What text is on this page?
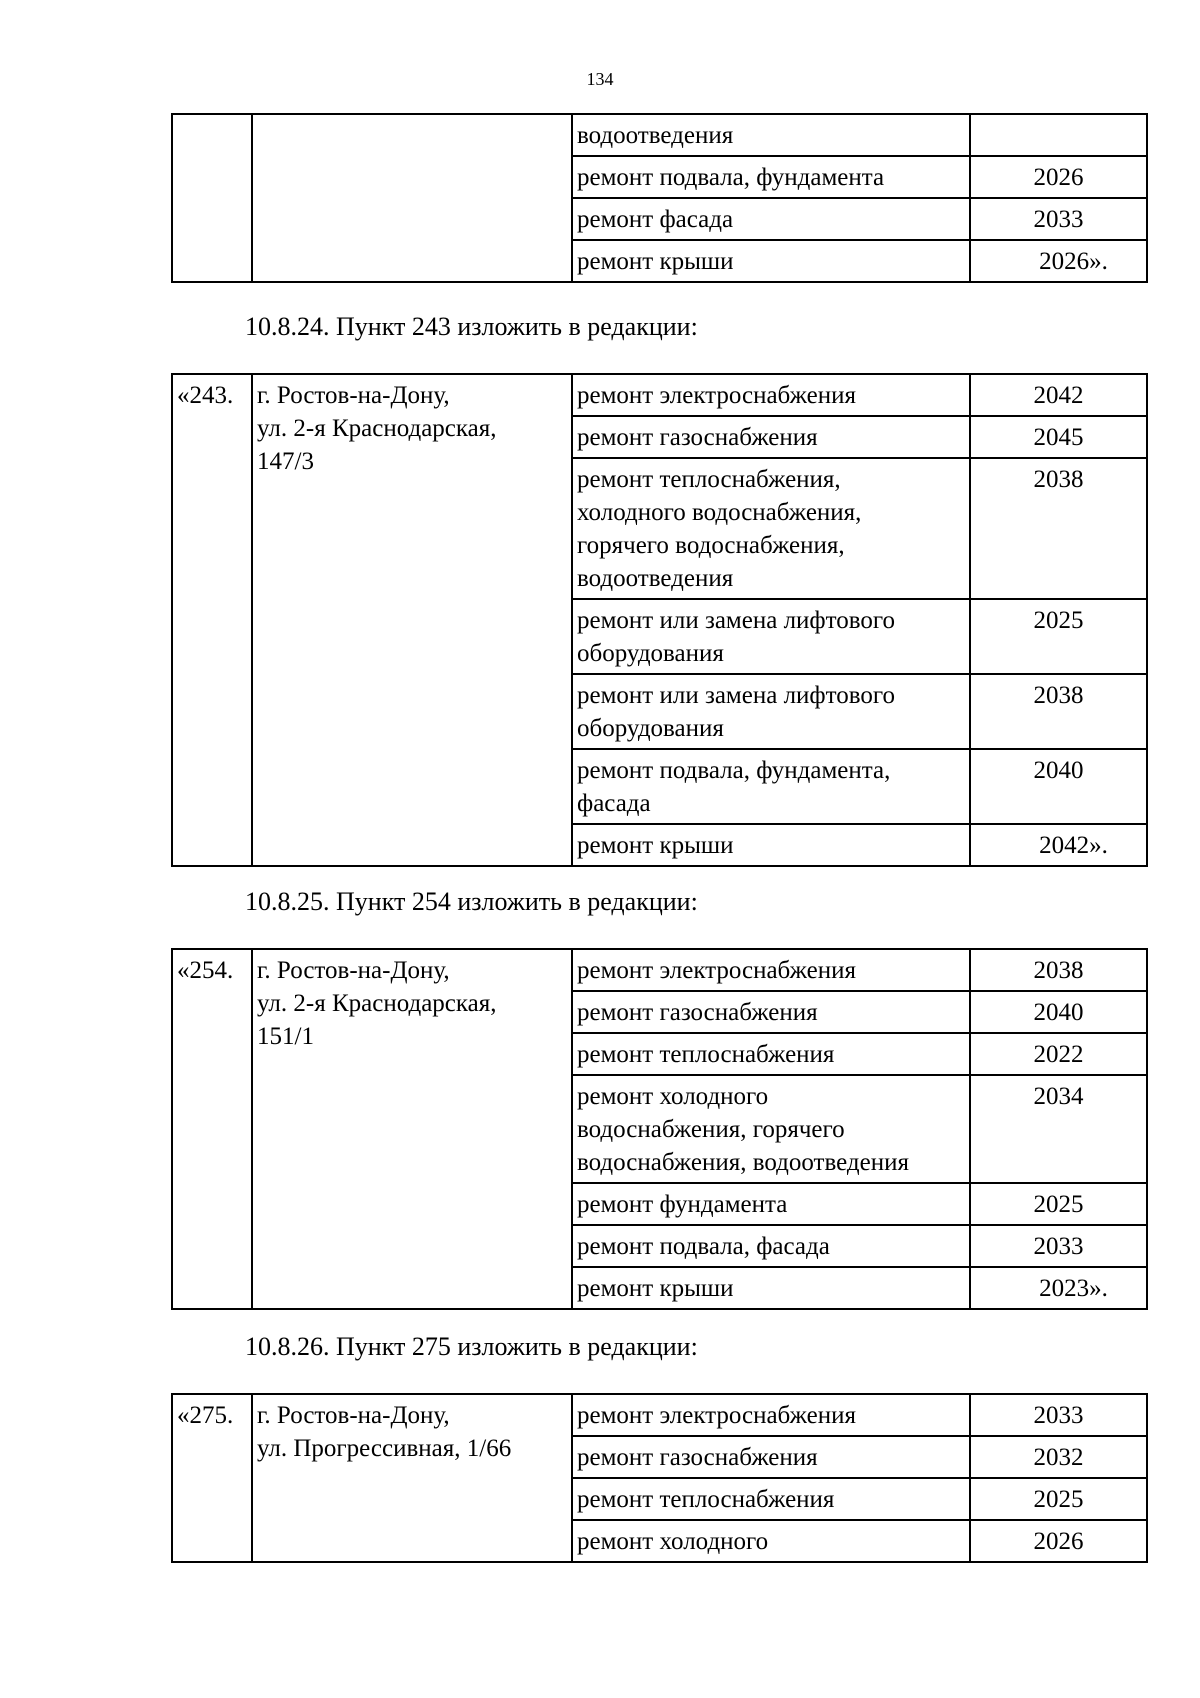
134
		водоотведения	
		ремонт подвала, фундамента	2026
		ремонт фасада	2033
		ремонт крыши	2026».
10.8.24. Пункт 243 изложить в редакции:
«243.	г. Ростов-на-Дону,
ул. 2-я Краснодарская,
147/3	ремонт электроснабжения	2042
		ремонт газоснабжения	2045
		ремонт теплоснабжения,
холодного водоснабжения,
горячего водоснабжения,
водоотведения	2038
		ремонт или замена лифтового
оборудования	2025
		ремонт или замена лифтового
оборудования	2038
		ремонт подвала, фундамента,
фасада	2040
		ремонт крыши	2042».
10.8.25. Пункт 254 изложить в редакции:
«254.	г. Ростов-на-Дону,
ул. 2-я Краснодарская,
151/1	ремонт электроснабжения	2038
		ремонт газоснабжения	2040
		ремонт теплоснабжения	2022
		ремонт холодного
водоснабжения, горячего
водоснабжения, водоотведения	2034
		ремонт фундамента	2025
		ремонт подвала, фасада	2033
		ремонт крыши	2023».
10.8.26. Пункт 275 изложить в редакции:
«275.	г. Ростов-на-Дону,
ул. Прогрессивная, 1/66	ремонт электроснабжения	2033
		ремонт газоснабжения	2032
		ремонт теплоснабжения	2025
		ремонт холодного	2026
